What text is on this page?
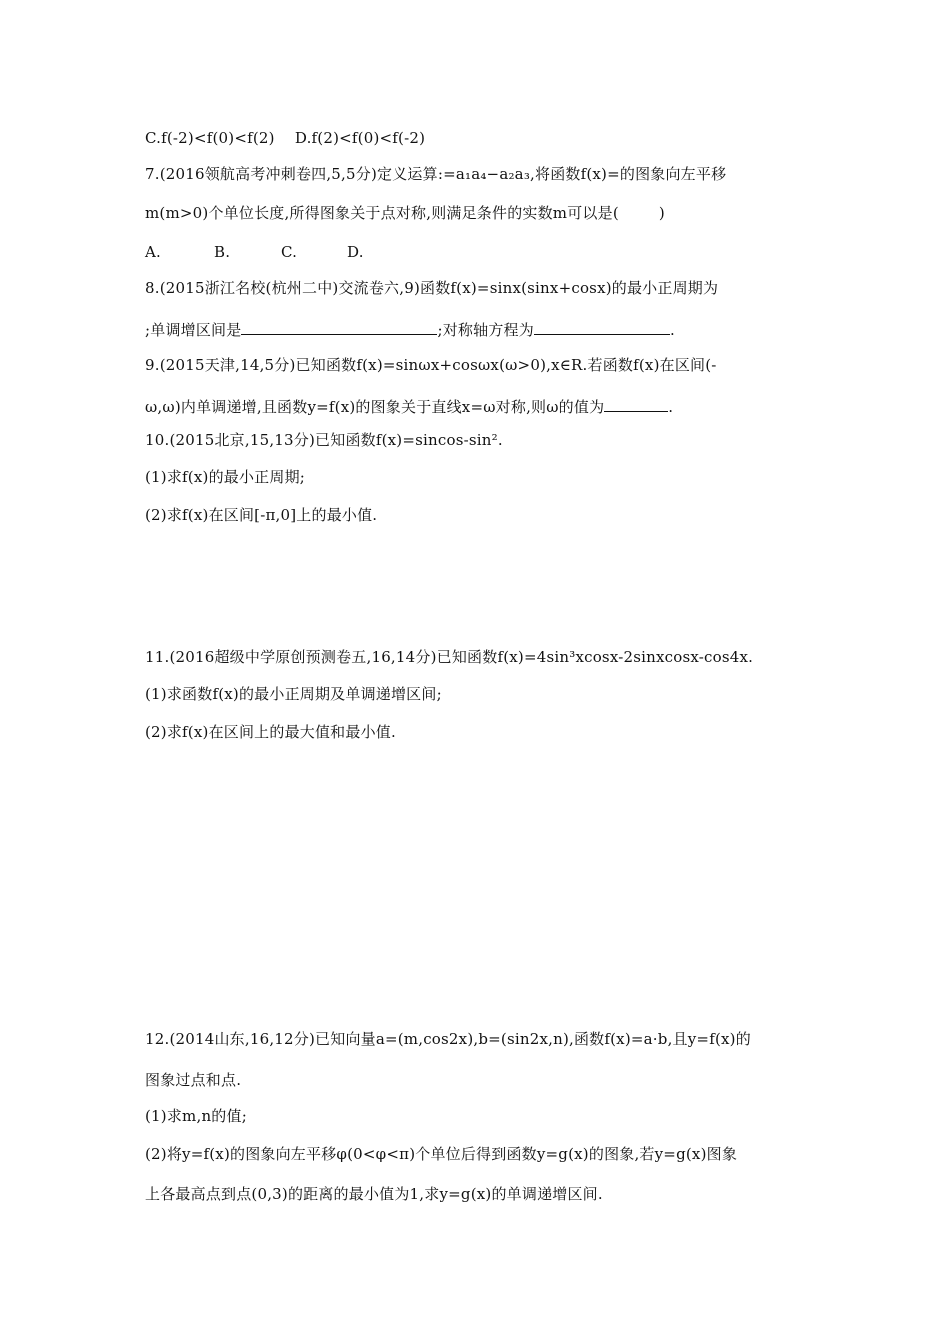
C.f(-2)<f(0)<f(2)　 D.f(2)<f(0)<f(-2)
7.(2016领航高考冲刺卷四,5,5分)定义运算:=a₁a₄−a₂a₃,将函数f(x)=的图象向左平移
m(m>0)个单位长度,所得图象关于点对称,则满足条件的实数m可以是(	)
A.	B.	C.	D.
8.(2015浙江名校(杭州二中)交流卷六,9)函数f(x)=sinx(sinx+cosx)的最小正周期为
;单调增区间是	;对称轴方程为	.
9.(2015天津,14,5分)已知函数f(x)=sinωx+cosωx(ω>0),x∈R.若函数f(x)在区间(-
ω,ω)内单调递增,且函数y=f(x)的图象关于直线x=ω对称,则ω的值为	.
10.(2015北京,15,13分)已知函数f(x)=sincos-sin².
(1)求f(x)的最小正周期;
(2)求f(x)在区间[-π,0]上的最小值.
11.(2016超级中学原创预测卷五,16,14分)已知函数f(x)=4sin³xcosx-2sinxcosx-cos4x.
(1)求函数f(x)的最小正周期及单调递增区间;
(2)求f(x)在区间上的最大值和最小值.
12.(2014山东,16,12分)已知向量a=(m,cos2x),b=(sin2x,n),函数f(x)=a·b,且y=f(x)的
图象过点和点.
(1)求m,n的值;
(2)将y=f(x)的图象向左平移φ(0<φ<π)个单位后得到函数y=g(x)的图象,若y=g(x)图象
上各最高点到点(0,3)的距离的最小值为1,求y=g(x)的单调递增区间.
